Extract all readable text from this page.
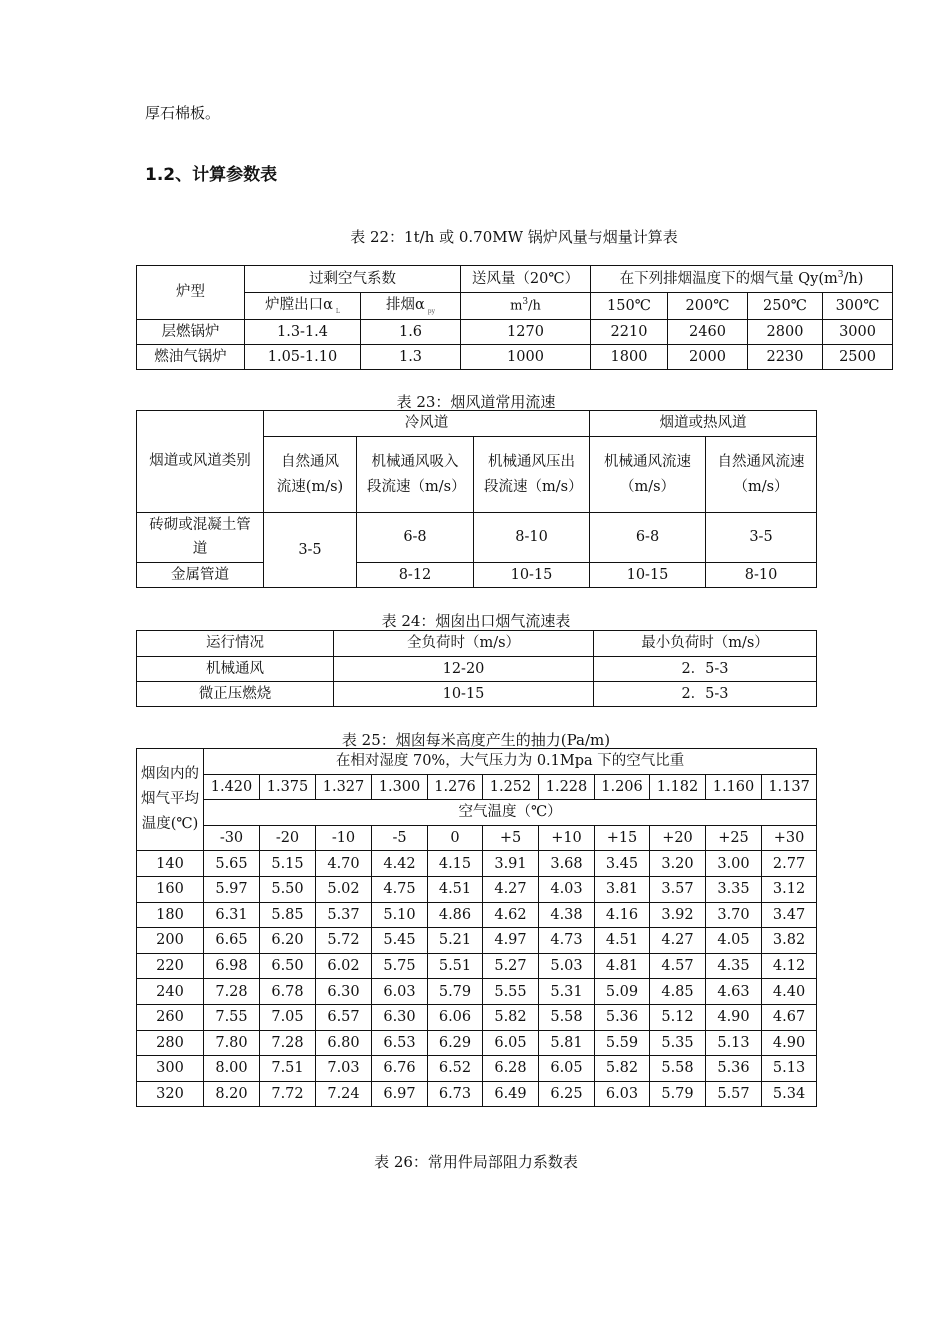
厚石棉板。
1.2、计算参数表
表 22：1t/h 或 0.70MW 锅炉风量与烟量计算表
炉型	过剩空气系数		送风量（20℃）	在下列排烟温度下的烟气量 $Qy(m^3/h)$			
	炉膛出口α $_L$	排烟α $_{py}$	$m^3/h$	150℃	200℃	250℃	300℃
层燃锅炉	1.3-1.4	1.6	1270	2210	2460	2800	3000
燃油气锅炉	1.05-1.10	1.3	1000	1800	2000	2230	2500
表 23：烟风道常用流速
烟道或风道类别	冷风道			烟道或热风道	
	自然通风流速(m/s)	机械通风吸入段流速（m/s）	机械通风压出段流速（m/s）	机械通风流速（m/s）	自然通风流速（m/s）
砖砌或混凝土管道	3-5	6-8	8-10	6-8	3-5
金属管道		8-12	10-15	10-15	8-10
表 24：烟囱出口烟气流速表
运行情况	全负荷时（m/s）	最小负荷时（m/s）
机械通风	12-20	2．5-3
微正压燃烧	10-15	2．5-3
表 25：烟囱每米高度产生的抽力(Pa/m)
烟囱内的烟气平均温度(℃)	在相对湿度 70%，大气压力为 0.1Mpa 下的空气比重										
	1.420	1.375	1.327	1.300	1.276	1.252	1.228	1.206	1.182	1.160	1.137
	空气温度（℃）										
	-30	-20	-10	-5	0	+5	+10	+15	+20	+25	+30
140	5.65	5.15	4.70	4.42	4.15	3.91	3.68	3.45	3.20	3.00	2.77
160	5.97	5.50	5.02	4.75	4.51	4.27	4.03	3.81	3.57	3.35	3.12
180	6.31	5.85	5.37	5.10	4.86	4.62	4.38	4.16	3.92	3.70	3.47
200	6.65	6.20	5.72	5.45	5.21	4.97	4.73	4.51	4.27	4.05	3.82
220	6.98	6.50	6.02	5.75	5.51	5.27	5.03	4.81	4.57	4.35	4.12
240	7.28	6.78	6.30	6.03	5.79	5.55	5.31	5.09	4.85	4.63	4.40
260	7.55	7.05	6.57	6.30	6.06	5.82	5.58	5.36	5.12	4.90	4.67
280	7.80	7.28	6.80	6.53	6.29	6.05	5.81	5.59	5.35	5.13	4.90
300	8.00	7.51	7.03	6.76	6.52	6.28	6.05	5.82	5.58	5.36	5.13
320	8.20	7.72	7.24	6.97	6.73	6.49	6.25	6.03	5.79	5.57	5.34
表 26：常用件局部阻力系数表
